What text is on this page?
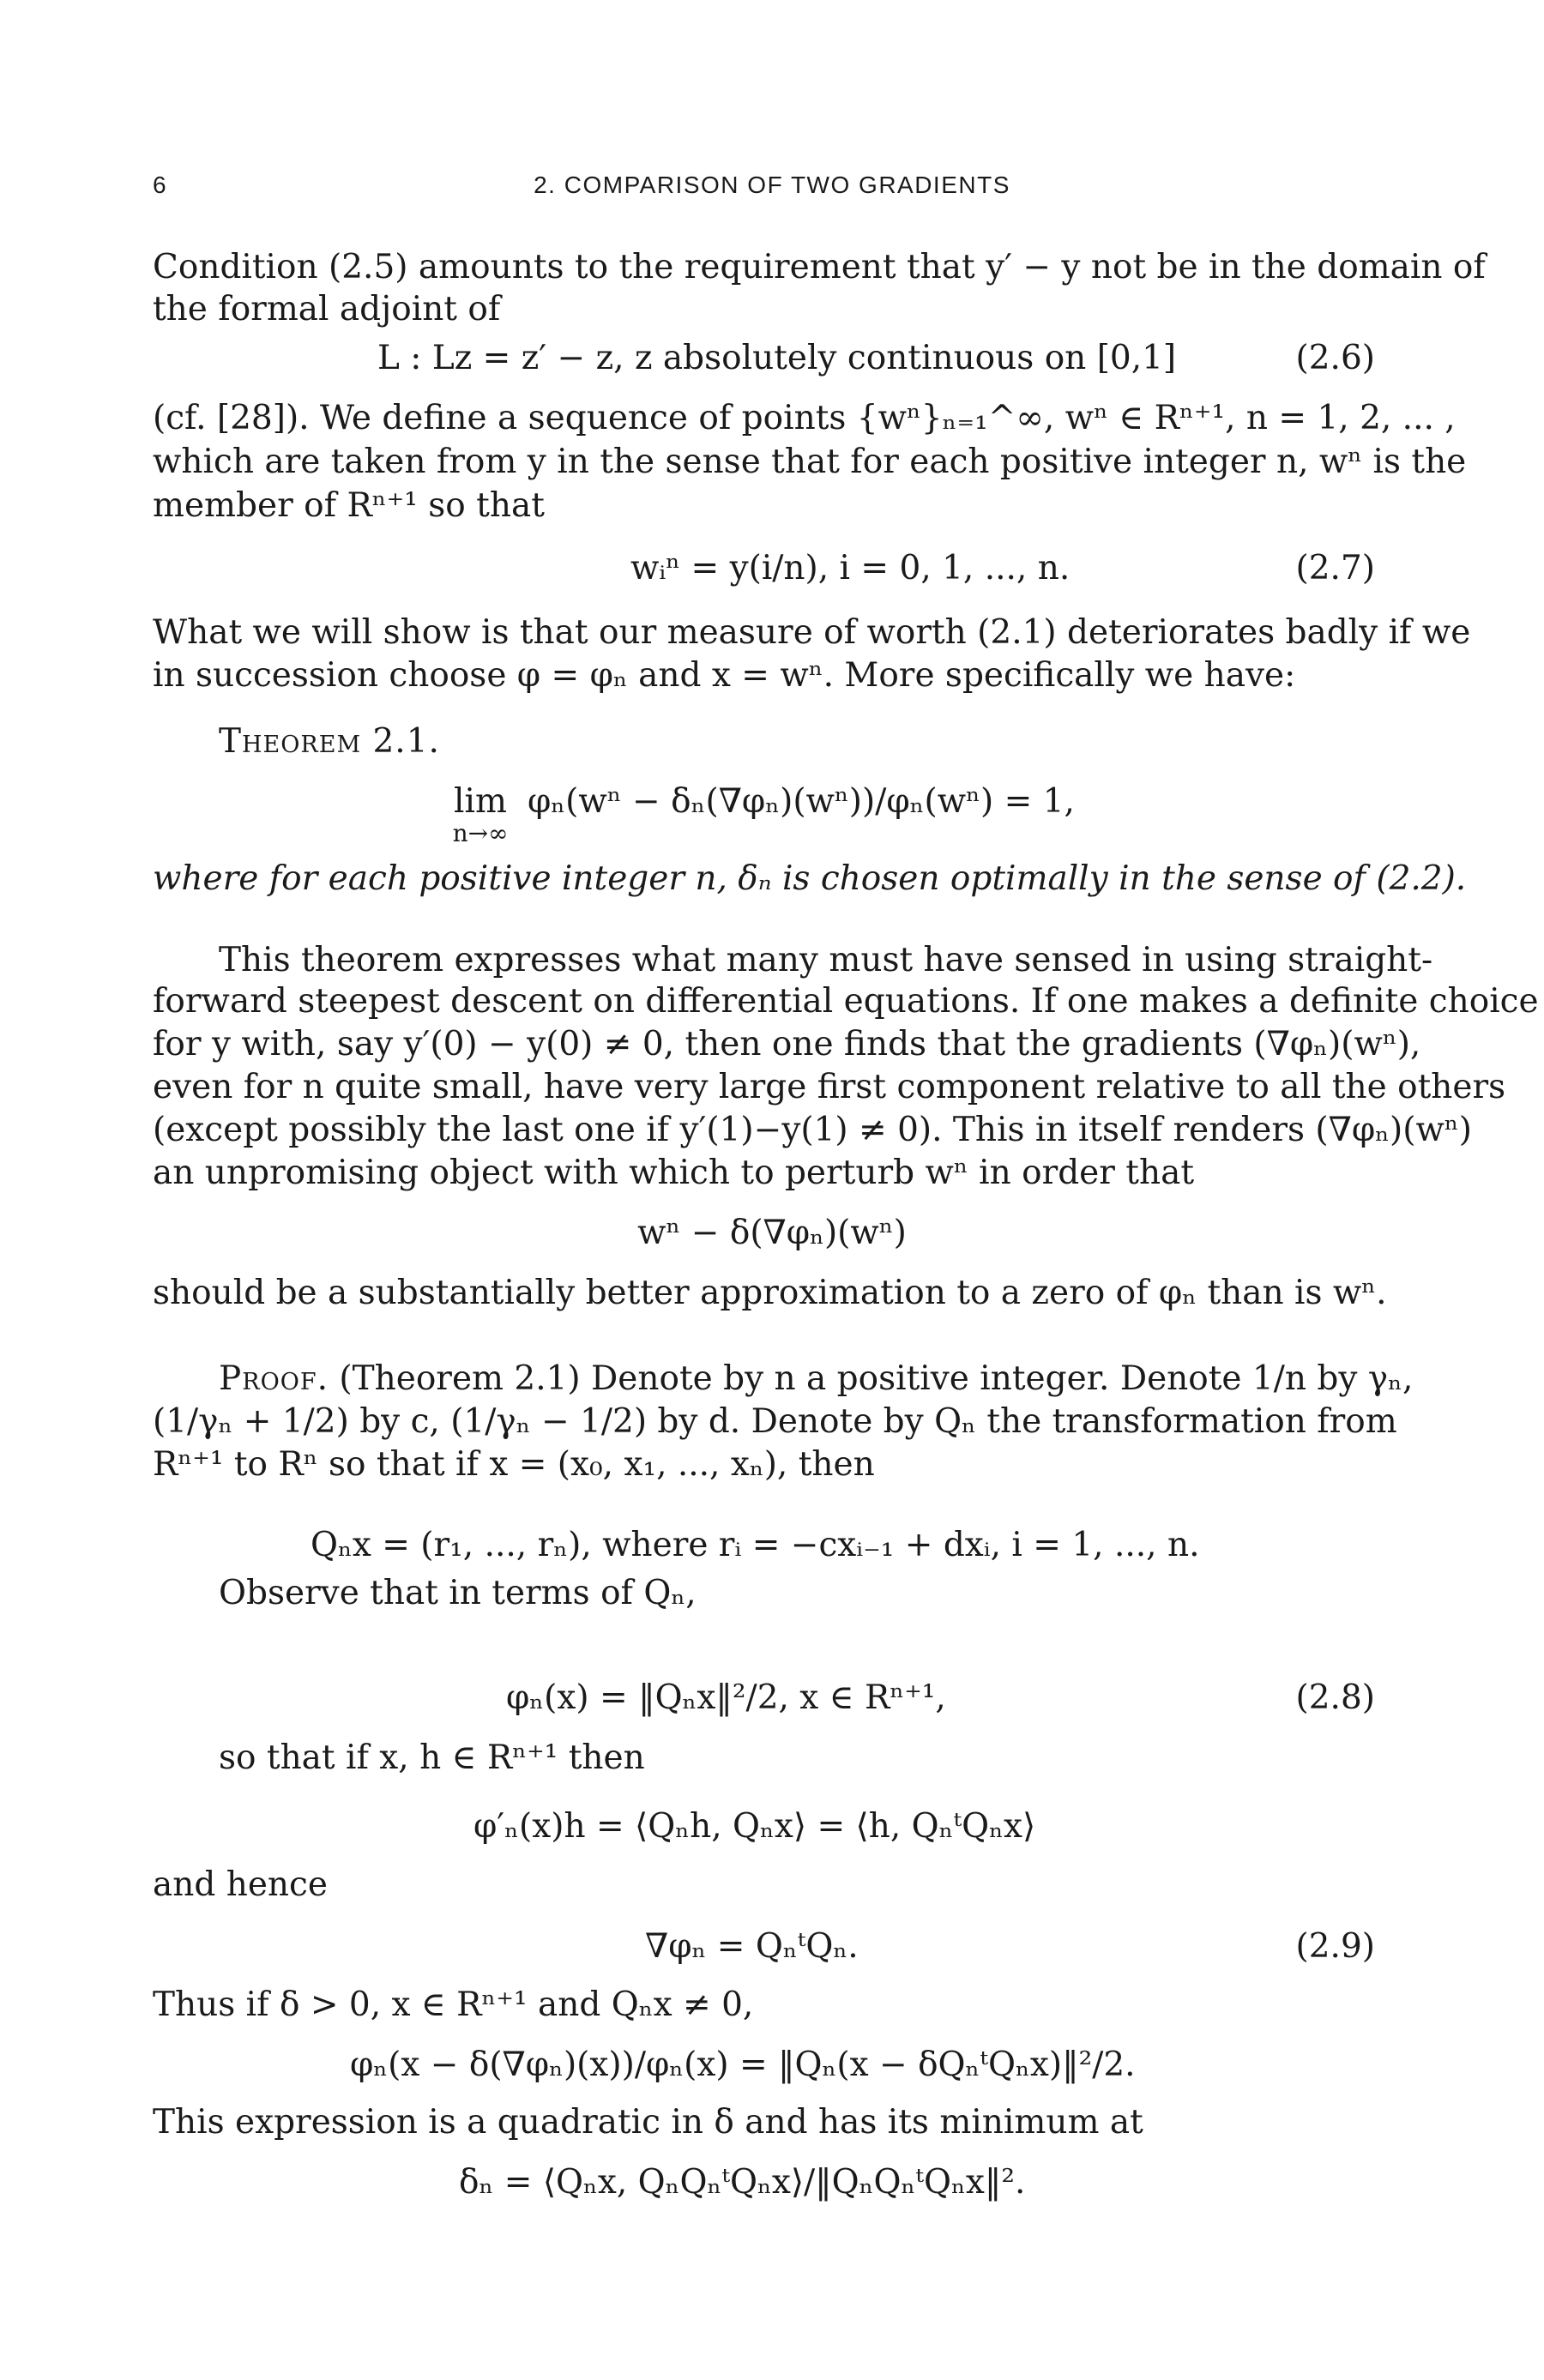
6	2. COMPARISON OF TWO GRADIENTS
Condition (2.5) amounts to the requirement that y′ − y not be in the domain of
the formal adjoint of
L : Lz = z′ − z, z absolutely continuous on [0,1]	(2.6)
(cf. [28]). We define a sequence of points {wⁿ}ₙ₌₁^∞, wⁿ ∈ Rⁿ⁺¹, n = 1, 2, ... ,
which are taken from y in the sense that for each positive integer n, wⁿ is the
member of Rⁿ⁺¹ so that
wᵢⁿ = y(i/n), i = 0, 1, ..., n.	(2.7)
What we will show is that our measure of worth (2.1) deteriorates badly if we
in succession choose φ = φₙ and x = wⁿ. More specifically we have:
Theorem 2.1.
lim
n→∞
φₙ(wⁿ − δₙ(∇φₙ)(wⁿ))/φₙ(wⁿ) = 1,
where for each positive integer n, δₙ is chosen optimally in the sense of (2.2).
This theorem expresses what many must have sensed in using straight-
forward steepest descent on differential equations. If one makes a definite choice
for y with, say y′(0) − y(0) ≠ 0, then one finds that the gradients (∇φₙ)(wⁿ),
even for n quite small, have very large first component relative to all the others
(except possibly the last one if y′(1)−y(1) ≠ 0). This in itself renders (∇φₙ)(wⁿ)
an unpromising object with which to perturb wⁿ in order that
wⁿ − δ(∇φₙ)(wⁿ)
should be a substantially better approximation to a zero of φₙ than is wⁿ.
Proof. (Theorem 2.1) Denote by n a positive integer. Denote 1/n by γₙ,
(1/γₙ + 1/2) by c, (1/γₙ − 1/2) by d. Denote by Qₙ the transformation from
Rⁿ⁺¹ to Rⁿ so that if x = (x₀, x₁, ..., xₙ), then
Qₙx = (r₁, ..., rₙ), where rᵢ = −cxᵢ₋₁ + dxᵢ, i = 1, ..., n.
Observe that in terms of Qₙ,
φₙ(x) = ‖Qₙx‖²/2, x ∈ Rⁿ⁺¹,	(2.8)
so that if x, h ∈ Rⁿ⁺¹ then
φ′ₙ(x)h = ⟨Qₙh, Qₙx⟩ = ⟨h, QₙᵗQₙx⟩
and hence
∇φₙ = QₙᵗQₙ.	(2.9)
Thus if δ > 0, x ∈ Rⁿ⁺¹ and Qₙx ≠ 0,
φₙ(x − δ(∇φₙ)(x))/φₙ(x) = ‖Qₙ(x − δQₙᵗQₙx)‖²/2.
This expression is a quadratic in δ and has its minimum at
δₙ = ⟨Qₙx, QₙQₙᵗQₙx⟩/‖QₙQₙᵗQₙx‖².
